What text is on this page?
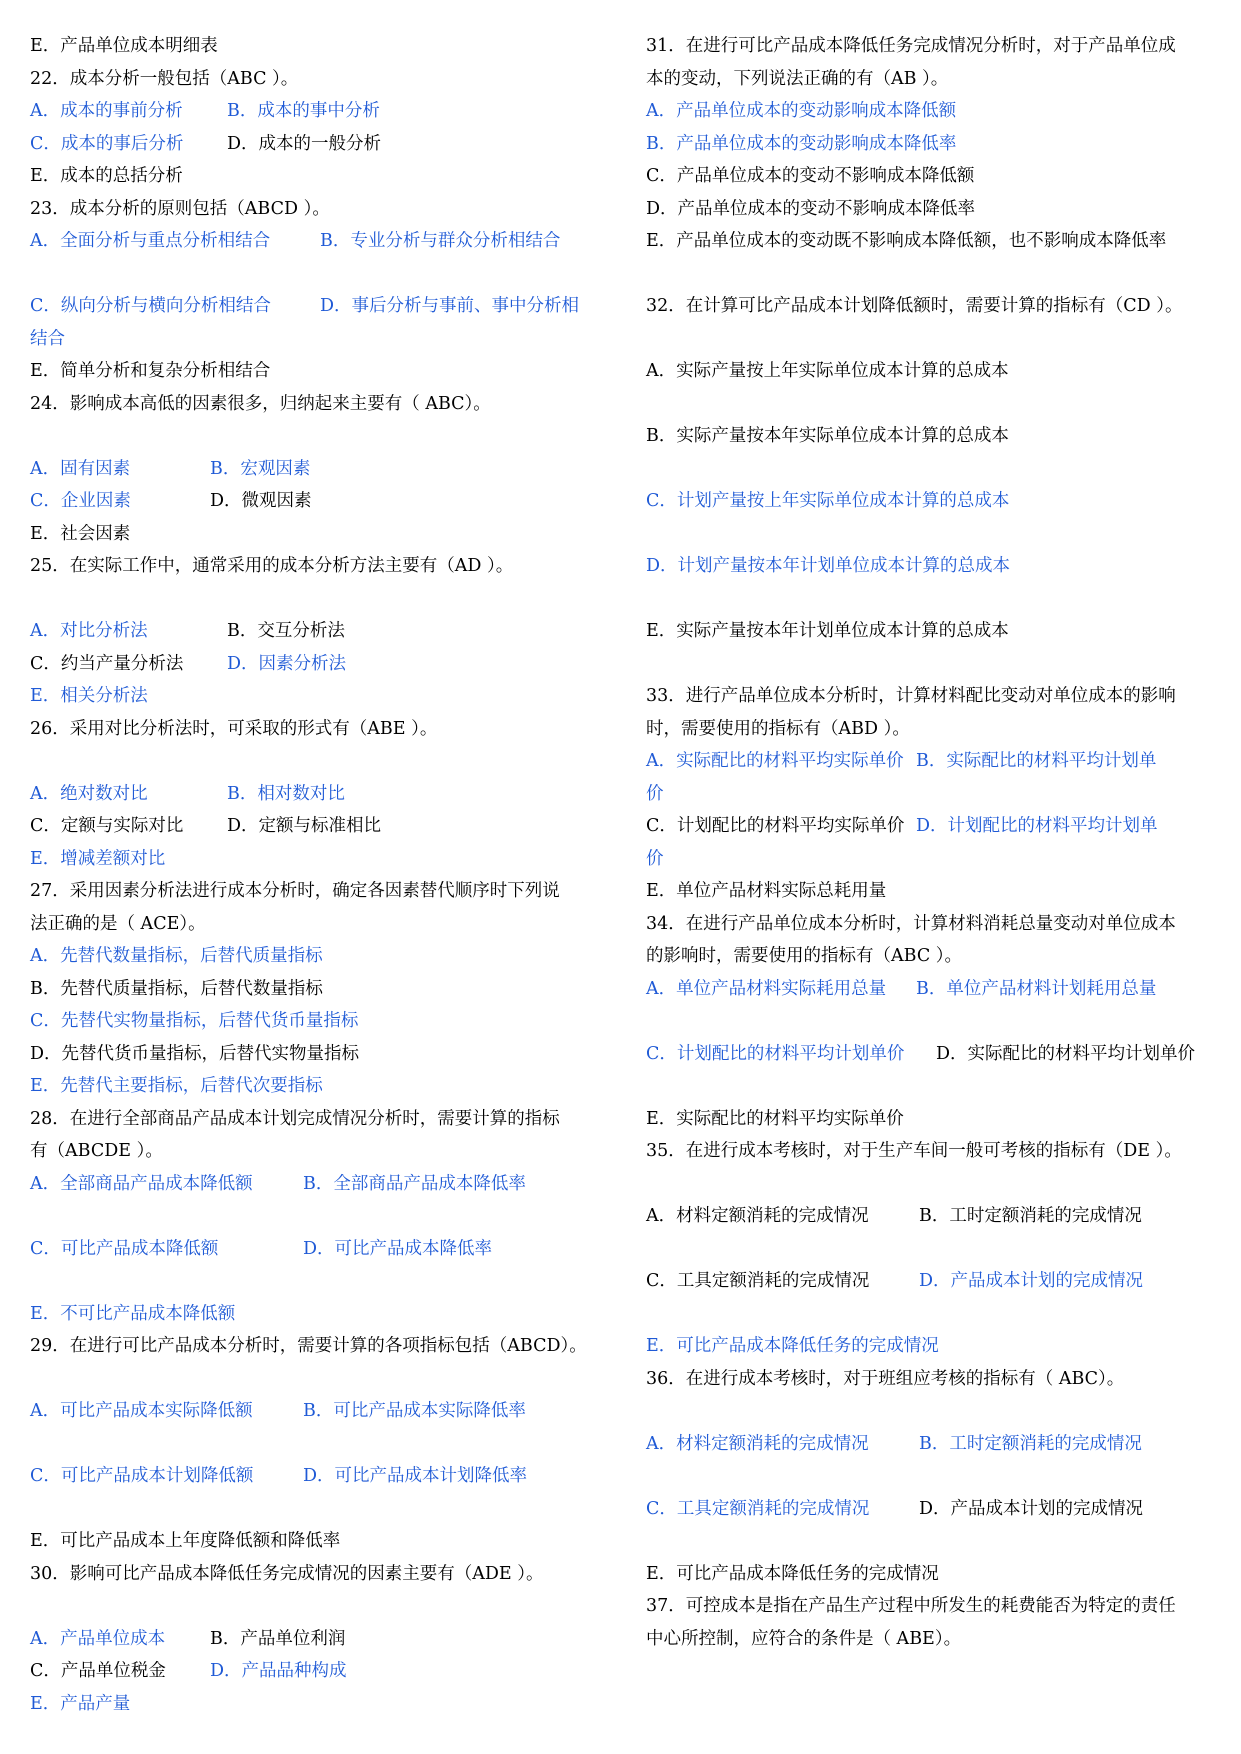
E．产品单位成本明细表
22．成本分析一般包括（ABC ）。
A．成本的事前分析	B．成本的事中分析
C．成本的事后分析 D．成本的一般分析
E．成本的总括分析
23．成本分析的原则包括（ABCD ）。
A．全面分析与重点分析相结合	B．专业分析与群众分析相结合
C．纵向分析与横向分析相结合	D．事后分析与事前、事中分析相
结合
E．简单分析和复杂分析相结合
24．影响成本高低的因素很多，归纳起来主要有（ ABC）。
A．固有因素	B．宏观因素
C．企业因素	D．微观因素
E．社会因素
25．在实际工作中，通常采用的成本分析方法主要有（AD ）。
A．对比分析法	B．交互分析法
C．约当产量分析法 D．因素分析法
E．相关分析法
26．采用对比分析法时，可采取的形式有（ABE ）。
A．绝对数对比	B．相对数对比
C．定额与实际对比 D．定额与标准相比
E．增减差额对比
27．采用因素分析法进行成本分析时，确定各因素替代顺序时下列说
法正确的是（ ACE）。
A．先替代数量指标，后替代质量指标
B．先替代质量指标，后替代数量指标
C．先替代实物量指标，后替代货币量指标
D．先替代货币量指标，后替代实物量指标
E．先替代主要指标，后替代次要指标
28．在进行全部商品产品成本计划完成情况分析时，需要计算的指标
有（ABCDE ）。
A．全部商品产品成本降低额	B．全部商品产品成本降低率
C．可比产品成本降低额	D．可比产品成本降低率
E．不可比产品成本降低额
29．在进行可比产品成本分析时，需要计算的各项指标包括（ABCD）。
A．可比产品成本实际降低额	B．可比产品成本实际降低率
C．可比产品成本计划降低额	D．可比产品成本计划降低率
E．可比产品成本上年度降低额和降低率
30．影响可比产品成本降低任务完成情况的因素主要有（ADE ）。
A．产品单位成本	B．产品单位利润
C．产品单位税金	D．产品品种构成
E．产品产量
31．在进行可比产品成本降低任务完成情况分析时，对于产品单位成
本的变动，下列说法正确的有（AB ）。
A．产品单位成本的变动影响成本降低额
B．产品单位成本的变动影响成本降低率
C．产品单位成本的变动不影响成本降低额
D．产品单位成本的变动不影响成本降低率
E．产品单位成本的变动既不影响成本降低额，也不影响成本降低率
32．在计算可比产品成本计划降低额时，需要计算的指标有（CD ）。
A．实际产量按上年实际单位成本计算的总成本
B．实际产量按本年实际单位成本计算的总成本
C．计划产量按上年实际单位成本计算的总成本
D．计划产量按本年计划单位成本计算的总成本
E．实际产量按本年计划单位成本计算的总成本
33．进行产品单位成本分析时，计算材料配比变动对单位成本的影响
时，需要使用的指标有（ABD ）。
A．实际配比的材料平均实际单价 B．实际配比的材料平均计划单
价
C．计划配比的材料平均实际单价 D．计划配比的材料平均计划单
价
E．单位产品材料实际总耗用量
34．在进行产品单位成本分析时，计算材料消耗总量变动对单位成本
的影响时，需要使用的指标有（ABC ）。
A．单位产品材料实际耗用总量 B．单位产品材料计划耗用总量
C．计划配比的材料平均计划单价 D．实际配比的材料平均计划单价
E．实际配比的材料平均实际单价
35．在进行成本考核时，对于生产车间一般可考核的指标有（DE ）。
A．材料定额消耗的完成情况	B．工时定额消耗的完成情况
C．工具定额消耗的完成情况	D．产品成本计划的完成情况
E．可比产品成本降低任务的完成情况
36．在进行成本考核时，对于班组应考核的指标有（ ABC）。
A．材料定额消耗的完成情况	B．工时定额消耗的完成情况
C．工具定额消耗的完成情况	D．产品成本计划的完成情况
E．可比产品成本降低任务的完成情况
37．可控成本是指在产品生产过程中所发生的耗费能否为特定的责任
中心所控制，应符合的条件是（ ABE）。
